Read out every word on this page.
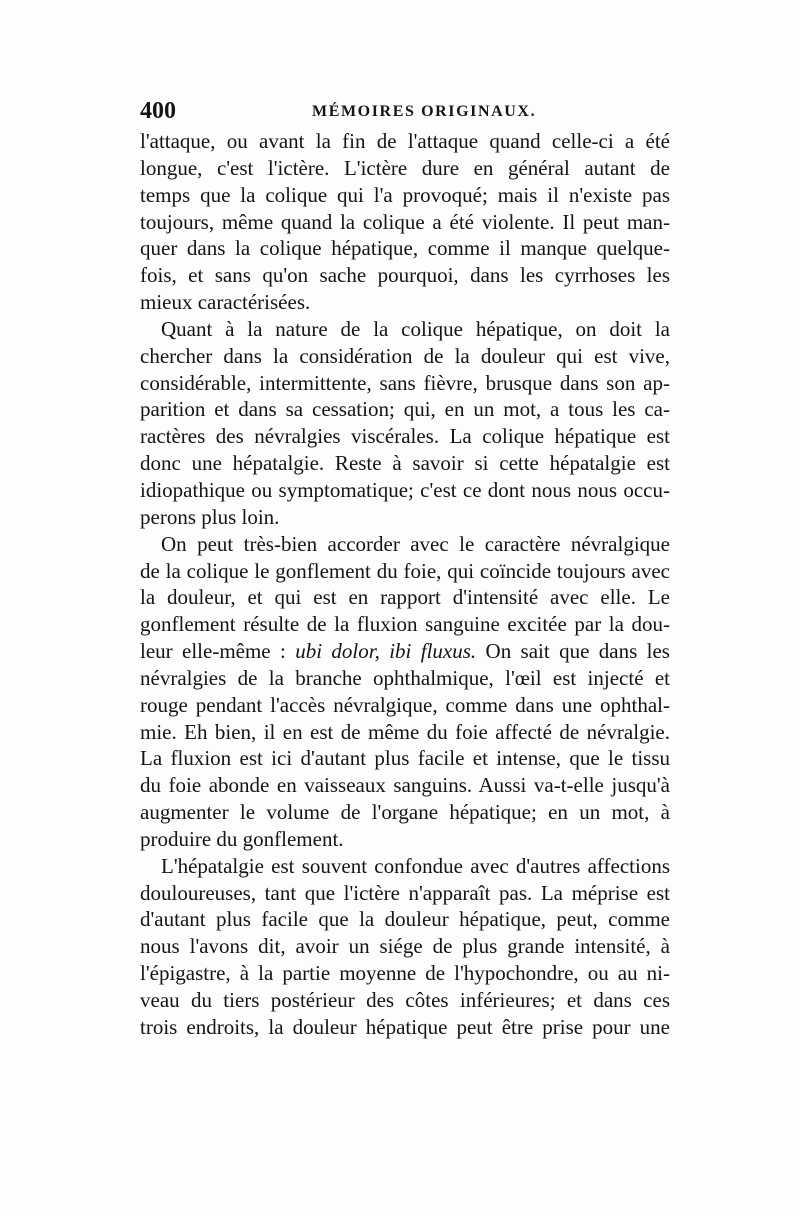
400	MÉMOIRES ORIGINAUX.
l'attaque, ou avant la fin de l'attaque quand celle-ci a été
longue, c'est l'ictère. L'ictère dure en général autant de
temps que la colique qui l'a provoqué; mais il n'existe pas
toujours, même quand la colique a été violente. Il peut man-
quer dans la colique hépatique, comme il manque quelque-
fois, et sans qu'on sache pourquoi, dans les cyrrhoses les
mieux caractérisées.
Quant à la nature de la colique hépatique, on doit la
chercher dans la considération de la douleur qui est vive,
considérable, intermittente, sans fièvre, brusque dans son ap-
parition et dans sa cessation; qui, en un mot, a tous les ca-
ractères des névralgies viscérales. La colique hépatique est
donc une hépatalgie. Reste à savoir si cette hépatalgie est
idiopathique ou symptomatique; c'est ce dont nous nous occu-
perons plus loin.
On peut très-bien accorder avec le caractère névralgique
de la colique le gonflement du foie, qui coïncide toujours avec
la douleur, et qui est en rapport d'intensité avec elle. Le
gonflement résulte de la fluxion sanguine excitée par la dou-
leur elle-même : ubi dolor, ibi fluxus. On sait que dans les
névralgies de la branche ophthalmique, l'œil est injecté et
rouge pendant l'accès névralgique, comme dans une ophthal-
mie. Eh bien, il en est de même du foie affecté de névralgie.
La fluxion est ici d'autant plus facile et intense, que le tissu
du foie abonde en vaisseaux sanguins. Aussi va-t-elle jusqu'à
augmenter le volume de l'organe hépatique; en un mot, à
produire du gonflement.
L'hépatalgie est souvent confondue avec d'autres affections
douloureuses, tant que l'ictère n'apparaît pas. La méprise est
d'autant plus facile que la douleur hépatique, peut, comme
nous l'avons dit, avoir un siége de plus grande intensité, à
l'épigastre, à la partie moyenne de l'hypochondre, ou au ni-
veau du tiers postérieur des côtes inférieures; et dans ces
trois endroits, la douleur hépatique peut être prise pour une
